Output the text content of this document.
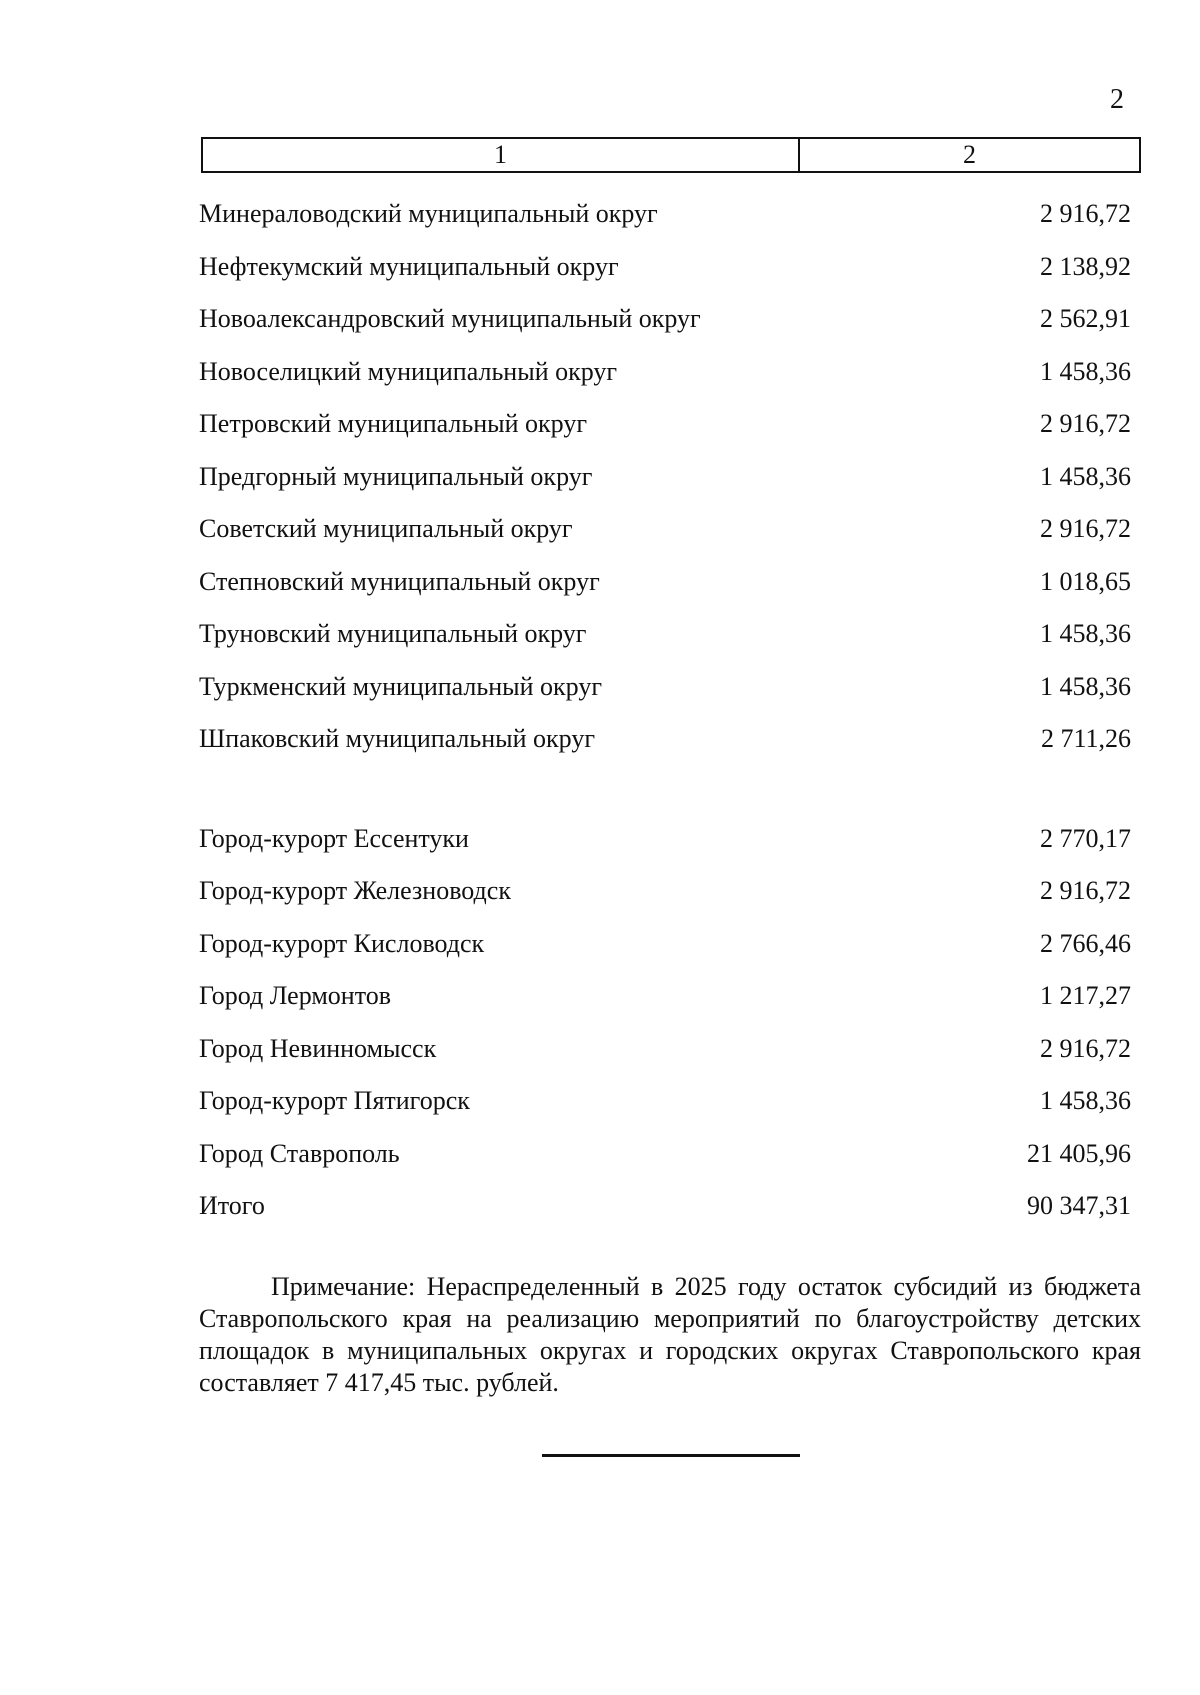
2
1	2
Минераловодский муниципальный округ	2 916,72
Нефтекумский муниципальный округ	2 138,92
Новоалександровский муниципальный округ	2 562,91
Новоселицкий муниципальный округ	1 458,36
Петровский муниципальный округ	2 916,72
Предгорный муниципальный округ	1 458,36
Советский муниципальный округ	2 916,72
Степновский муниципальный округ	1 018,65
Труновский муниципальный округ	1 458,36
Туркменский муниципальный округ	1 458,36
Шпаковский муниципальный округ	2 711,26
Город-курорт Ессентуки	2 770,17
Город-курорт Железноводск	2 916,72
Город-курорт Кисловодск	2 766,46
Город Лермонтов	1 217,27
Город Невинномысск	2 916,72
Город-курорт Пятигорск	1 458,36
Город Ставрополь	21 405,96
Итого	90 347,31

Примечание: Нераспределенный в 2025 году остаток субсидий из бюджета Ставропольского края на реализацию мероприятий по благоустройству детских площадок в муниципальных округах и городских округах Ставропольского края составляет 7 417,45 тыс. рублей.
